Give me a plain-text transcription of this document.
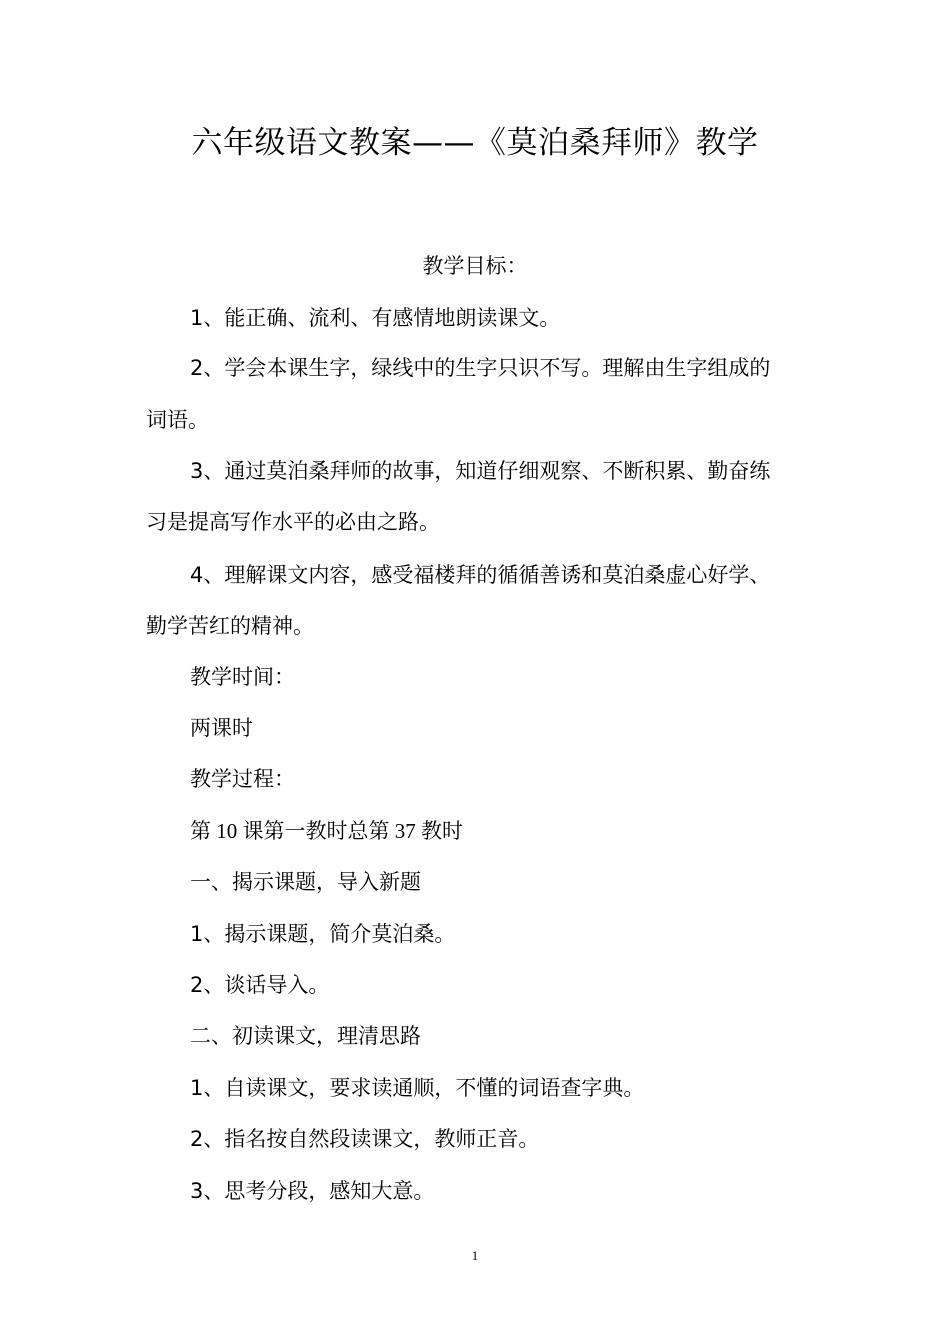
六年级语文教案——《莫泊桑拜师》教学

教学目标：

1、能正确、流利、有感情地朗读课文。

2、学会本课生字，绿线中的生字只识不写。理解由生字组成的

词语。

3、通过莫泊桑拜师的故事，知道仔细观察、不断积累、勤奋练

习是提高写作水平的必由之路。

4、理解课文内容，感受福楼拜的循循善诱和莫泊桑虚心好学、

勤学苦红的精神。

教学时间：

两课时

教学过程：

第 10 课第一教时总第 37 教时

一、揭示课题，导入新题

1、揭示课题，简介莫泊桑。

2、谈话导入。

二、初读课文，理清思路

1、自读课文，要求读通顺，不懂的词语查字典。

2、指名按自然段读课文，教师正音。

3、思考分段，感知大意。

1
